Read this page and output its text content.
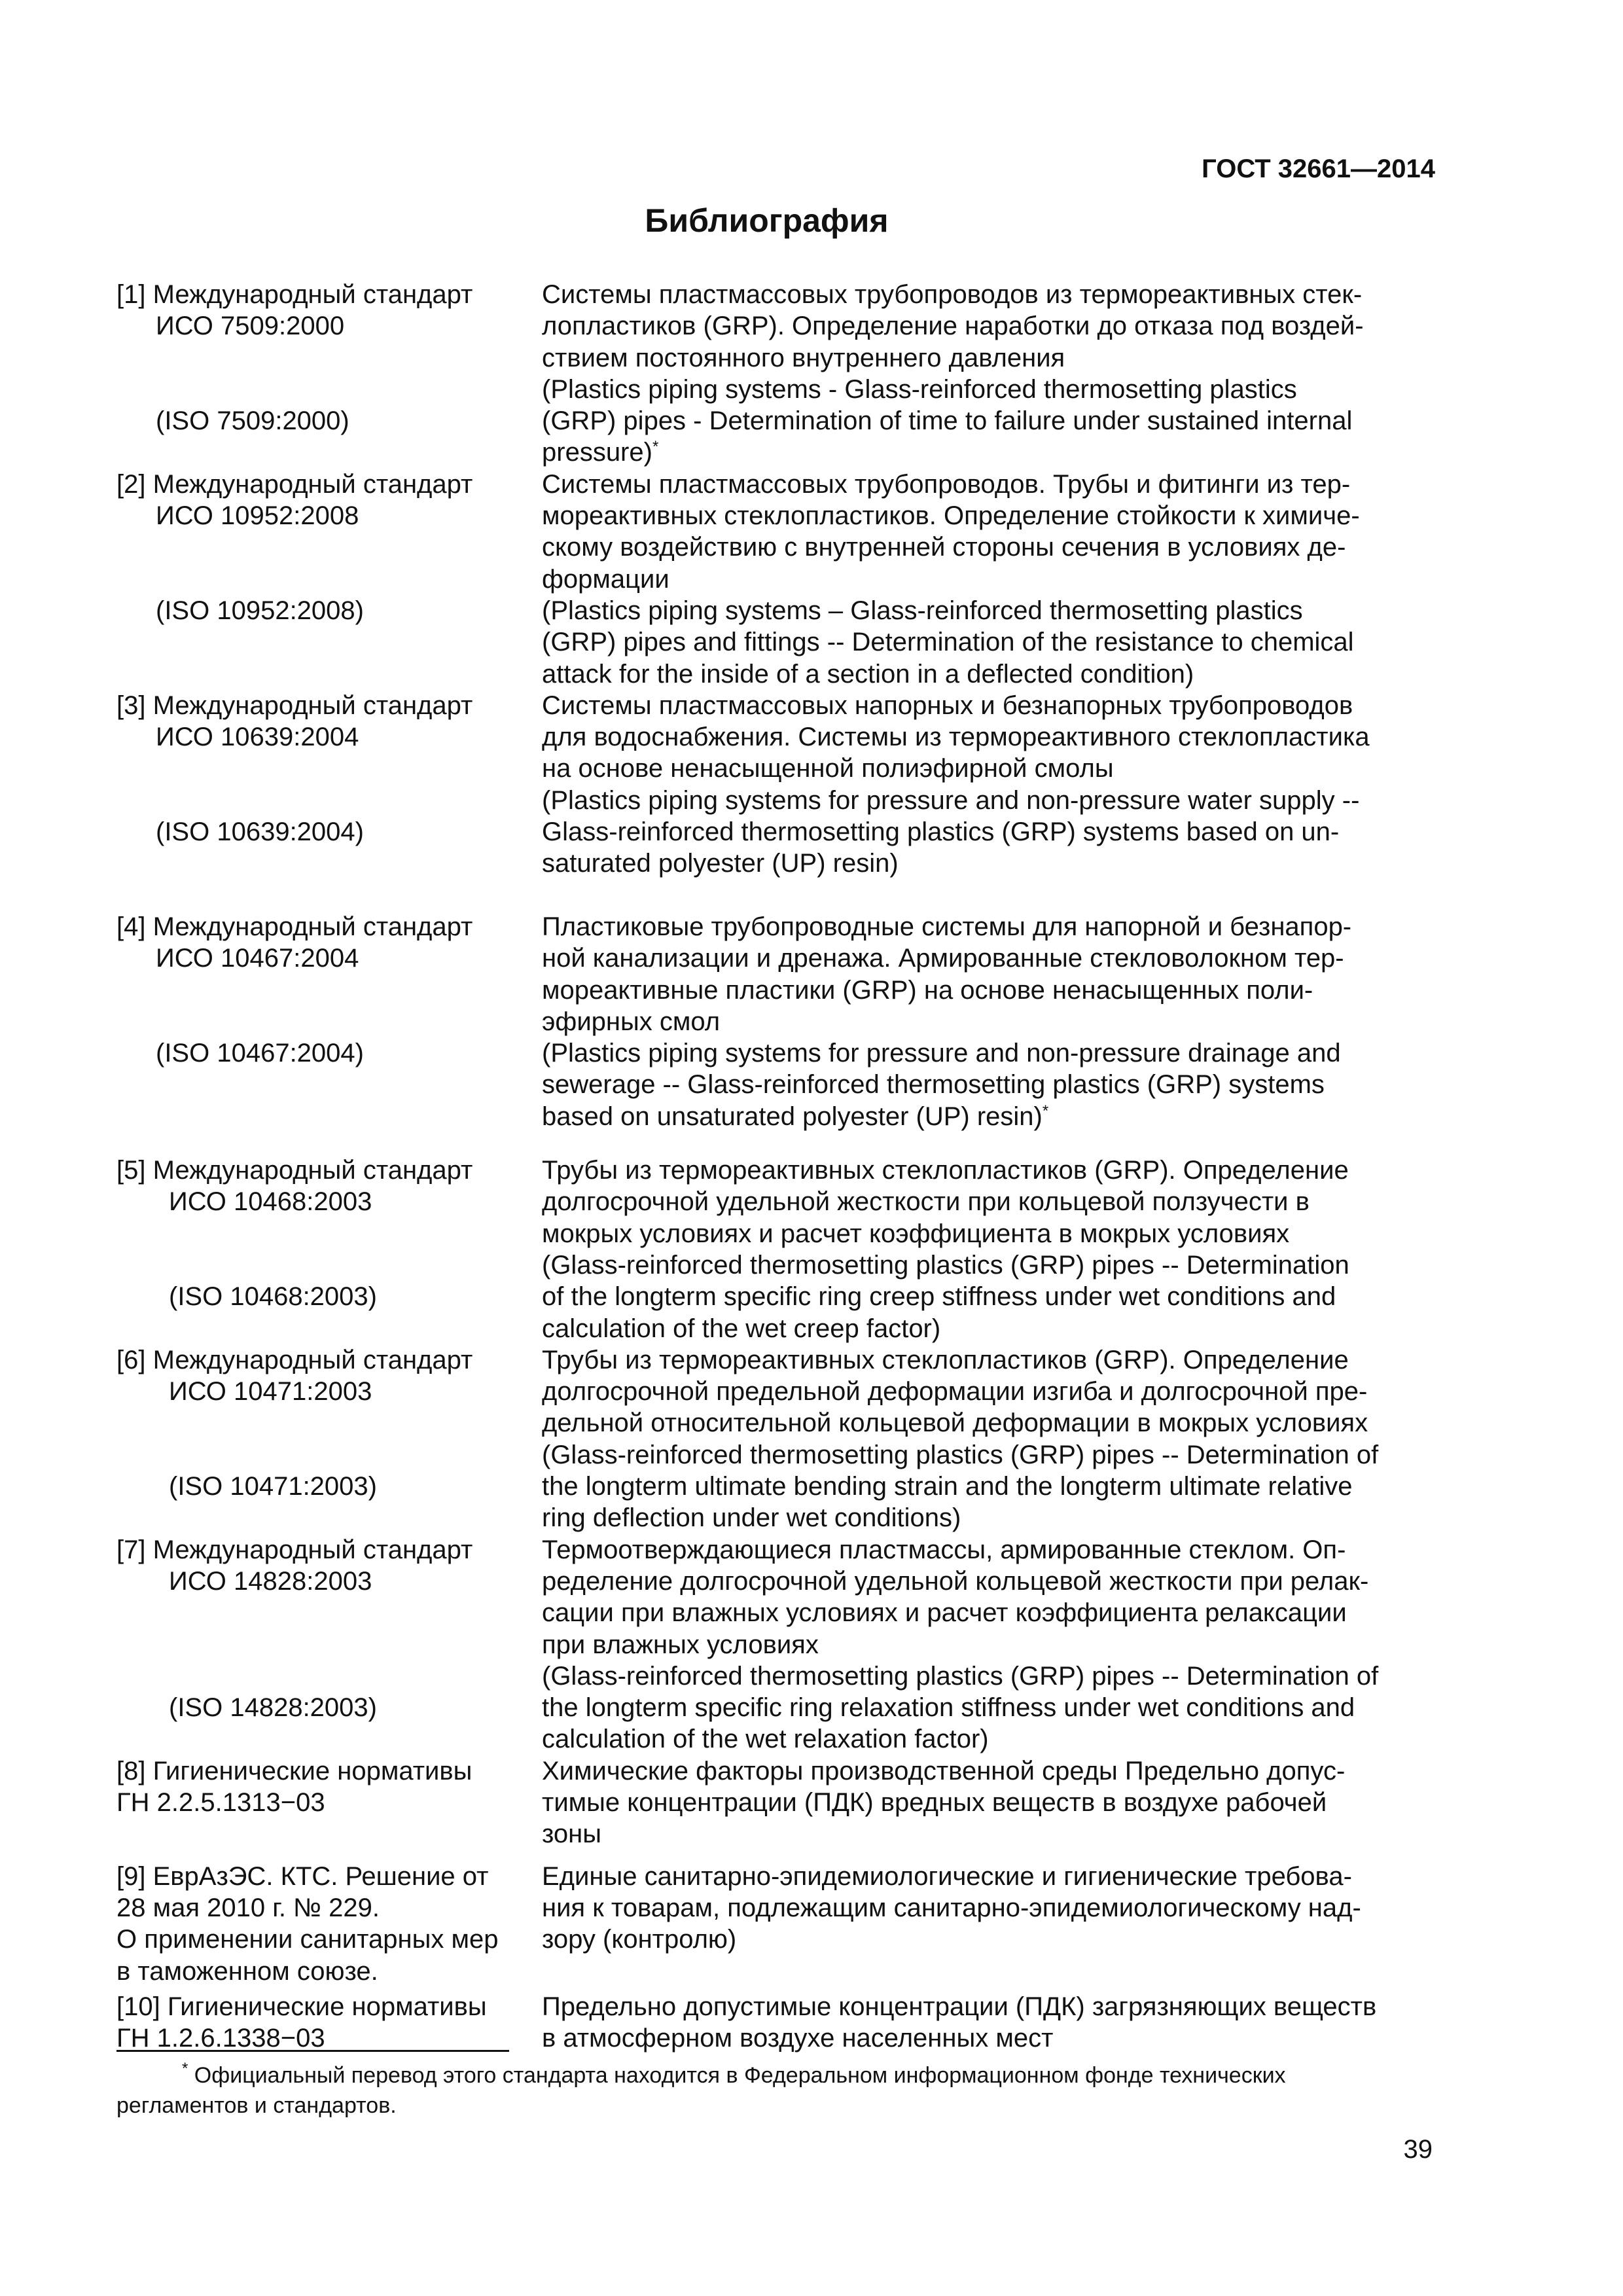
ГОСТ 32661—2014
Библиография
[1] Международный стандарт
ИСО 7509:2000
(ISO 7509:2000)
Системы пластмассовых трубопроводов из термореактивных стек-
лопластиков (GRP). Определение наработки до отказа под воздей-
ствием постоянного внутреннего давления
(Plastics piping systems - Glass-reinforced thermosetting plastics
(GRP) pipes - Determination of time to failure under sustained internal
pressure)*
[2] Международный стандарт
ИСО 10952:2008
(ISO 10952:2008)
Системы пластмассовых трубопроводов. Трубы и фитинги из тер-
мореактивных стеклопластиков. Определение стойкости к химиче-
скому воздействию с внутренней стороны сечения в условиях де-
формации
(Plastics piping systems – Glass-reinforced thermosetting plastics
(GRP) pipes and fittings -- Determination of the resistance to chemical
attack for the inside of a section in a deflected condition)
[3] Международный стандарт
ИСО 10639:2004
(ISO 10639:2004)
Системы пластмассовых напорных и безнапорных трубопроводов
для водоснабжения. Системы из термореактивного стеклопластика
на основе ненасыщенной полиэфирной смолы
(Plastics piping systems for pressure and non-pressure water supply --
Glass-reinforced thermosetting plastics (GRP) systems based on un-
saturated polyester (UP) resin)
[4] Международный стандарт
ИСО 10467:2004
(ISO 10467:2004)
Пластиковые трубопроводные системы для напорной и безнапор-
ной канализации и дренажа. Армированные стекловолокном тер-
мореактивные пластики (GRP) на основе ненасыщенных поли-
эфирных смол
(Plastics piping systems for pressure and non-pressure drainage and
sewerage -- Glass-reinforced thermosetting plastics (GRP) systems
based on unsaturated polyester (UP) resin)*
[5] Международный стандарт
ИСО 10468:2003
(ISO 10468:2003)
Трубы из термореактивных стеклопластиков (GRP). Определение
долгосрочной удельной жесткости при кольцевой ползучести в
мокрых условиях и расчет коэффициента в мокрых условиях
(Glass-reinforced thermosetting plastics (GRP) pipes -- Determination
of the longterm specific ring creep stiffness under wet conditions and
calculation of the wet creep factor)
[6] Международный стандарт
ИСО 10471:2003
(ISO 10471:2003)
Трубы из термореактивных стеклопластиков (GRP). Определение
долгосрочной предельной деформации изгиба и долгосрочной пре-
дельной относительной кольцевой деформации в мокрых условиях
(Glass-reinforced thermosetting plastics (GRP) pipes -- Determination of
the longterm ultimate bending strain and the longterm ultimate relative
ring deflection under wet conditions)
[7] Международный стандарт
ИСО 14828:2003
(ISO 14828:2003)
Термоотверждающиеся пластмассы, армированные стеклом. Оп-
ределение долгосрочной удельной кольцевой жесткости при релак-
сации при влажных условиях и расчет коэффициента релаксации
при влажных условиях
(Glass-reinforced thermosetting plastics (GRP) pipes -- Determination of
the longterm specific ring relaxation stiffness under wet conditions and
calculation of the wet relaxation factor)
[8] Гигиенические нормативы
ГН 2.2.5.1313−03
Химические факторы производственной среды Предельно допус-
тимые концентрации (ПДК) вредных веществ в воздухе рабочей
зоны
[9] ЕврАзЭС. КТС. Решение от
28 мая 2010 г. № 229.
О применении санитарных мер
в таможенном союзе.
Единые санитарно-эпидемиологические и гигиенические требова-
ния к товарам, подлежащим санитарно-эпидемиологическому над-
зору (контролю)
[10] Гигиенические нормативы
ГН 1.2.6.1338−03
Предельно допустимые концентрации (ПДК) загрязняющих веществ
в атмосферном воздухе населенных мест
* Официальный перевод этого стандарта находится в Федеральном информационном фонде технических
регламентов и стандартов.
39
